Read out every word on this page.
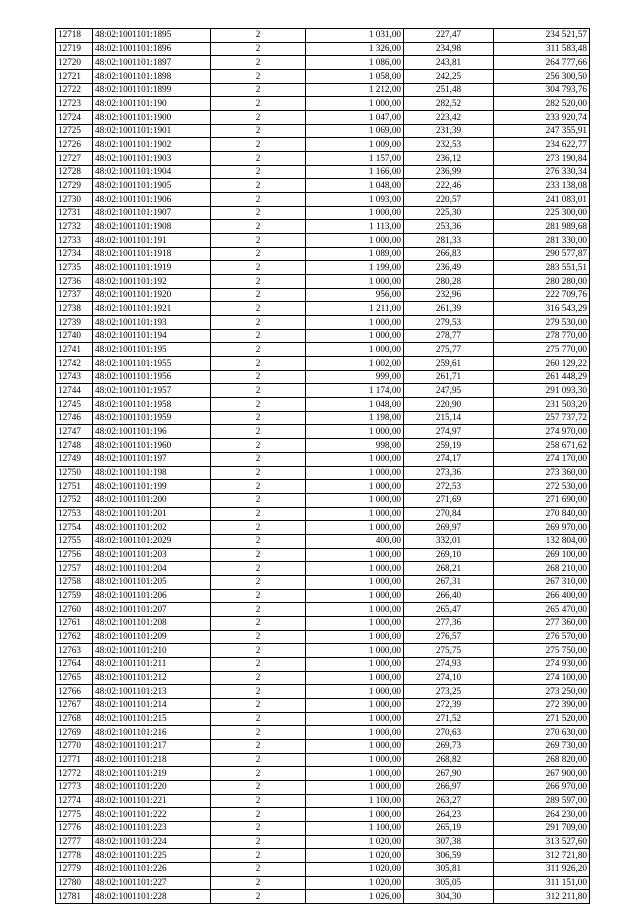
12718	48:02:1001101:1895	2	1 031,00	227,47	234 521,57
12719	48:02:1001101:1896	2	1 326,00	234,98	311 583,48
12720	48:02:1001101:1897	2	1 086,00	243,81	264 777,66
12721	48:02:1001101:1898	2	1 058,00	242,25	256 300,50
12722	48:02:1001101:1899	2	1 212,00	251,48	304 793,76
12723	48:02:1001101:190	2	1 000,00	282,52	282 520,00
12724	48:02:1001101:1900	2	1 047,00	223,42	233 920,74
12725	48:02:1001101:1901	2	1 069,00	231,39	247 355,91
12726	48:02:1001101:1902	2	1 009,00	232,53	234 622,77
12727	48:02:1001101:1903	2	1 157,00	236,12	273 190,84
12728	48:02:1001101:1904	2	1 166,00	236,99	276 330,34
12729	48:02:1001101:1905	2	1 048,00	222,46	233 138,08
12730	48:02:1001101:1906	2	1 093,00	220,57	241 083,01
12731	48:02:1001101:1907	2	1 000,00	225,30	225 300,00
12732	48:02:1001101:1908	2	1 113,00	253,36	281 989,68
12733	48:02:1001101:191	2	1 000,00	281,33	281 330,00
12734	48:02:1001101:1918	2	1 089,00	266,83	290 577,87
12735	48:02:1001101:1919	2	1 199,00	236,49	283 551,51
12736	48:02:1001101:192	2	1 000,00	280,28	280 280,00
12737	48:02:1001101:1920	2	956,00	232,96	222 709,76
12738	48:02:1001101:1921	2	1 211,00	261,39	316 543,29
12739	48:02:1001101:193	2	1 000,00	279,53	279 530,00
12740	48:02:1001101:194	2	1 000,00	278,77	278 770,00
12741	48:02:1001101:195	2	1 000,00	275,77	275 770,00
12742	48:02:1001101:1955	2	1 002,00	259,61	260 129,22
12743	48:02:1001101:1956	2	999,00	261,71	261 448,29
12744	48:02:1001101:1957	2	1 174,00	247,95	291 093,30
12745	48:02:1001101:1958	2	1 048,00	220,90	231 503,20
12746	48:02:1001101:1959	2	1 198,00	215,14	257 737,72
12747	48:02:1001101:196	2	1 000,00	274,97	274 970,00
12748	48:02:1001101:1960	2	998,00	259,19	258 671,62
12749	48:02:1001101:197	2	1 000,00	274,17	274 170,00
12750	48:02:1001101:198	2	1 000,00	273,36	273 360,00
12751	48:02:1001101:199	2	1 000,00	272,53	272 530,00
12752	48:02:1001101:200	2	1 000,00	271,69	271 690,00
12753	48:02:1001101:201	2	1 000,00	270,84	270 840,00
12754	48:02:1001101:202	2	1 000,00	269,97	269 970,00
12755	48:02:1001101:2029	2	400,00	332,01	132 804,00
12756	48:02:1001101:203	2	1 000,00	269,10	269 100,00
12757	48:02:1001101:204	2	1 000,00	268,21	268 210,00
12758	48:02:1001101:205	2	1 000,00	267,31	267 310,00
12759	48:02:1001101:206	2	1 000,00	266,40	266 400,00
12760	48:02:1001101:207	2	1 000,00	265,47	265 470,00
12761	48:02:1001101:208	2	1 000,00	277,36	277 360,00
12762	48:02:1001101:209	2	1 000,00	276,57	276 570,00
12763	48:02:1001101:210	2	1 000,00	275,75	275 750,00
12764	48:02:1001101:211	2	1 000,00	274,93	274 930,00
12765	48:02:1001101:212	2	1 000,00	274,10	274 100,00
12766	48:02:1001101:213	2	1 000,00	273,25	273 250,00
12767	48:02:1001101:214	2	1 000,00	272,39	272 390,00
12768	48:02:1001101:215	2	1 000,00	271,52	271 520,00
12769	48:02:1001101:216	2	1 000,00	270,63	270 630,00
12770	48:02:1001101:217	2	1 000,00	269,73	269 730,00
12771	48:02:1001101:218	2	1 000,00	268,82	268 820,00
12772	48:02:1001101:219	2	1 000,00	267,90	267 900,00
12773	48:02:1001101:220	2	1 000,00	266,97	266 970,00
12774	48:02:1001101:221	2	1 100,00	263,27	289 597,00
12775	48:02:1001101:222	2	1 000,00	264,23	264 230,00
12776	48:02:1001101:223	2	1 100,00	265,19	291 709,00
12777	48:02:1001101:224	2	1 020,00	307,38	313 527,60
12778	48:02:1001101:225	2	1 020,00	306,59	312 721,80
12779	48:02:1001101:226	2	1 020,00	305,81	311 926,20
12780	48:02:1001101:227	2	1 020,00	305,05	311 151,00
12781	48:02:1001101:228	2	1 026,00	304,30	312 211,80
